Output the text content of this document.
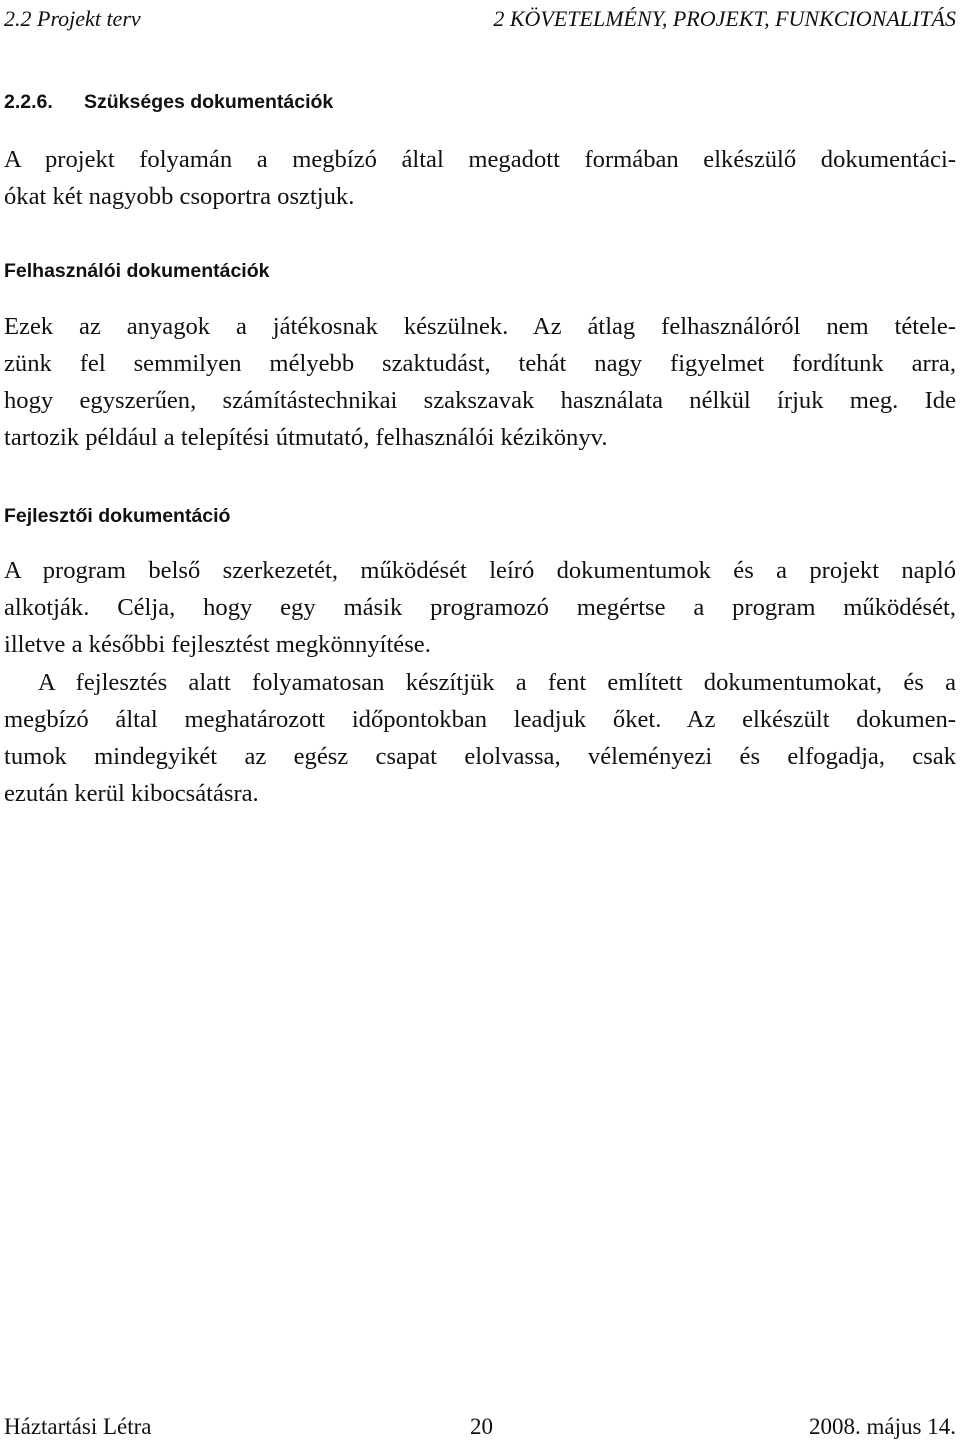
2.2 Projekt terv	2 KÖVETELMÉNY, PROJEKT, FUNKCIONALITÁS
2.2.6. Szükséges dokumentációk
A projekt folyamán a megbízó által megadott formában elkészülő dokumentáci-
ókat két nagyobb csoportra osztjuk.
Felhasználói dokumentációk
Ezek az anyagok a játékosnak készülnek. Az átlag felhasználóról nem tétele-
zünk fel semmilyen mélyebb szaktudást, tehát nagy figyelmet fordítunk arra,
hogy egyszerűen, számítástechnikai szakszavak használata nélkül írjuk meg. Ide
tartozik például a telepítési útmutató, felhasználói kézikönyv.
Fejlesztői dokumentáció
A program belső szerkezetét, működését leíró dokumentumok és a projekt napló
alkotják. Célja, hogy egy másik programozó megértse a program működését,
illetve a későbbi fejlesztést megkönnyítése.
A fejlesztés alatt folyamatosan készítjük a fent említett dokumentumokat, és a
megbízó által meghatározott időpontokban leadjuk őket. Az elkészült dokumen-
tumok mindegyikét az egész csapat elolvassa, véleményezi és elfogadja, csak
ezután kerül kibocsátásra.
Háztartási Létra	20	2008. május 14.
